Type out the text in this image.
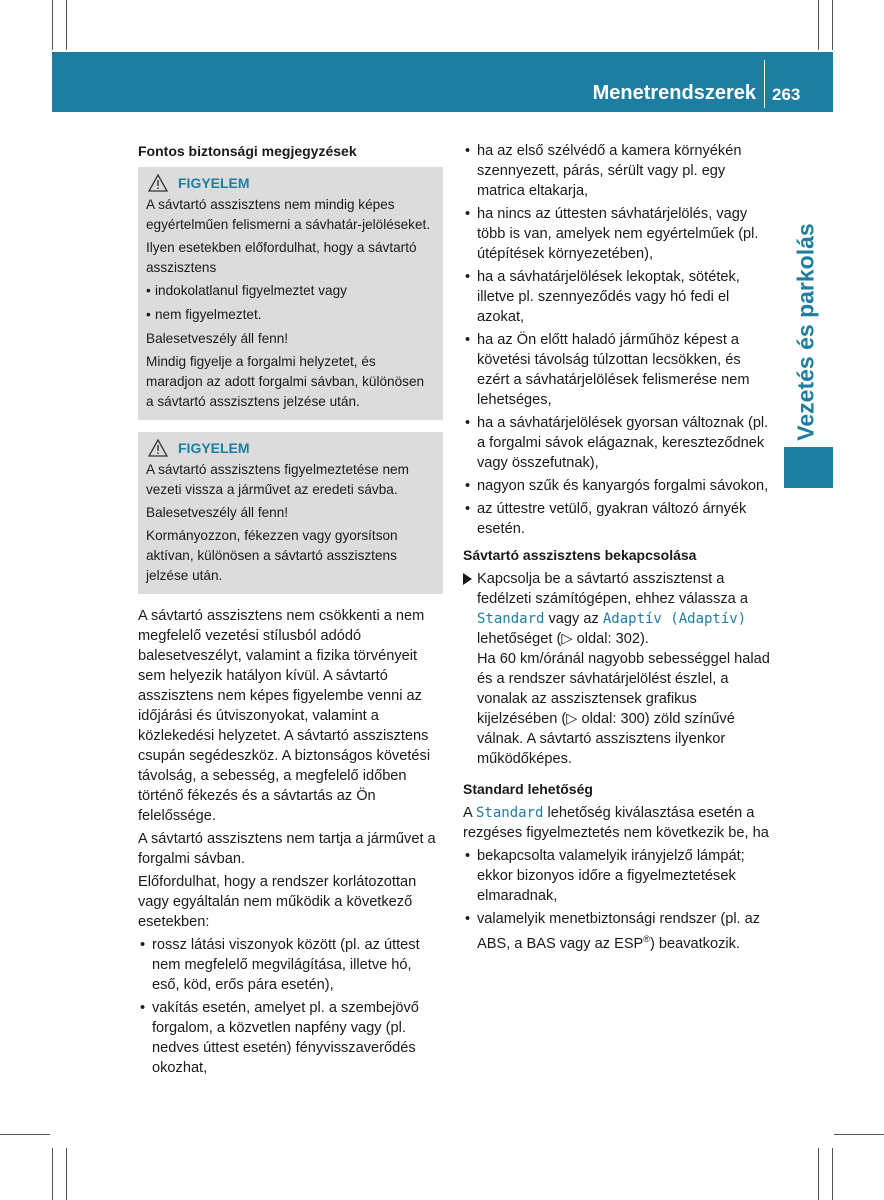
Menetrendszerek 263
Vezetés és parkolás
Fontos biztonsági megjegyzések
FIGYELEM

A sávtartó asszisztens nem mindig képes egyértelműen felismerni a sávhatár-jelöléseket.

Ilyen esetekben előfordulhat, hogy a sávtartó asszisztens

• indokolatlanul figyelmeztet vagy
• nem figyelmeztet.

Balesetveszély áll fenn!

Mindig figyelje a forgalmi helyzetet, és maradjon az adott forgalmi sávban, különösen a sávtartó asszisztens jelzése után.

FIGYELEM

A sávtartó asszisztens figyelmeztetése nem vezeti vissza a járművet az eredeti sávba.

Balesetveszély áll fenn!

Kormányozzon, fékezzen vagy gyorsítson aktívan, különösen a sávtartó asszisztens jelzése után.

A sávtartó asszisztens nem csökkenti a nem megfelelő vezetési stílusból adódó balesetveszélyt, valamint a fizika törvényeit sem helyezik hatályon kívül. A sávtartó asszisztens nem képes figyelembe venni az időjárási és útviszonyokat, valamint a közlekedési helyzetet. A sávtartó asszisztens csupán segédeszköz. A biztonságos követési távolság, a sebesség, a megfelelő időben történő fékezés és a sávtartás az Ön felelőssége.

A sávtartó asszisztens nem tartja a járművet a forgalmi sávban.

Előfordulhat, hogy a rendszer korlátozottan vagy egyáltalán nem működik a következő esetekben:

• rossz látási viszonyok között (pl. az úttest nem megfelelő megvilágítása, illetve hó, eső, köd, erős pára esetén),
• vakítás esetén, amelyet pl. a szembejövő forgalom, a közvetlen napfény vagy (pl. nedves úttest esetén) fényvisszaverődés okozhat,
• ha az első szélvédő a kamera környékén szennyezett, párás, sérült vagy pl. egy matrica eltakarja,
• ha nincs az úttesten sávhatárjelölés, vagy több is van, amelyek nem egyértelműek (pl. útépítések környezetében),
• ha a sávhatárjelölések lekoptak, sötétek, illetve pl. szennyeződés vagy hó fedi el azokat,
• ha az Ön előtt haladó járműhöz képest a követési távolság túlzottan lecsökken, és ezért a sávhatárjelölések felismerése nem lehetséges,
• ha a sávhatárjelölések gyorsan változnak (pl. a forgalmi sávok elágaznak, kereszteződnek vagy összefutnak),
• nagyon szűk és kanyargós forgalmi sávokon,
• az úttestre vetülő, gyakran változó árnyék esetén.
Sávtartó asszisztens bekapcsolása
Kapcsolja be a sávtartó asszisztenst a fedélzeti számítógépen, ehhez válassza a Standard vagy az Adaptív (Adaptív) lehetőséget (▷ oldal: 302).
Ha 60 km/óránál nagyobb sebességgel halad és a rendszer sávhatárjelölést észlel, a vonalak az asszisztensek grafikus kijelzésében (▷ oldal: 300) zöld színűvé válnak. A sávtartó asszisztens ilyenkor működőképes.
Standard lehetőség

A Standard lehetőség kiválasztása esetén a rezgéses figyelmeztetés nem következik be, ha

• bekapcsolta valamelyik irányjelző lámpát; ekkor bizonyos időre a figyelmeztetések elmaradnak,
• valamelyik menetbiztonsági rendszer (pl. az ABS, a BAS vagy az ESP®) beavatkozik.
